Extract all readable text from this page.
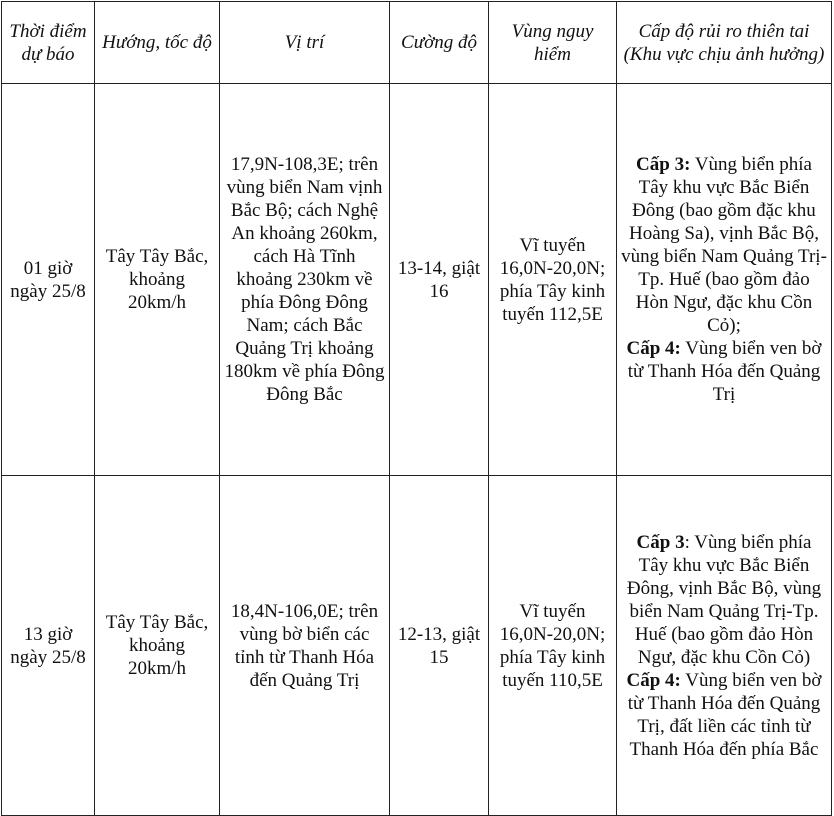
Thời điểm dự báo	Hướng, tốc độ	Vị trí	Cường độ	Vùng nguy hiểm	Cấp độ rủi ro thiên tai (Khu vực chịu ảnh hưởng)
01 giờ ngày 25/8	Tây Tây Bắc, khoảng 20km/h	17,9N-108,3E; trên vùng biển Nam vịnh Bắc Bộ; cách Nghệ An khoảng 260km, cách Hà Tĩnh khoảng 230km về phía Đông Đông Nam; cách Bắc Quảng Trị khoảng 180km về phía Đông Đông Bắc	13-14, giật 16	Vĩ tuyến 16,0N-20,0N; phía Tây kinh tuyến 112,5E	Cấp 3: Vùng biển phía Tây khu vực Bắc Biển Đông (bao gồm đặc khu Hoàng Sa), vịnh Bắc Bộ, vùng biển Nam Quảng Trị-Tp. Huế (bao gồm đảo Hòn Ngư, đặc khu Cồn Cỏ);
Cấp 4: Vùng biển ven bờ từ Thanh Hóa đến Quảng Trị

13 giờ ngày 25/8	Tây Tây Bắc, khoảng 20km/h	18,4N-106,0E; trên vùng bờ biển các tỉnh từ Thanh Hóa đến Quảng Trị	12-13, giật 15	Vĩ tuyến 16,0N-20,0N; phía Tây kinh tuyến 110,5E	Cấp 3: Vùng biển phía Tây khu vực Bắc Biển Đông, vịnh Bắc Bộ, vùng biển Nam Quảng Trị-Tp. Huế (bao gồm đảo Hòn Ngư, đặc khu Cồn Cỏ)
Cấp 4: Vùng biển ven bờ từ Thanh Hóa đến Quảng Trị, đất liền các tỉnh từ Thanh Hóa đến phía Bắc
